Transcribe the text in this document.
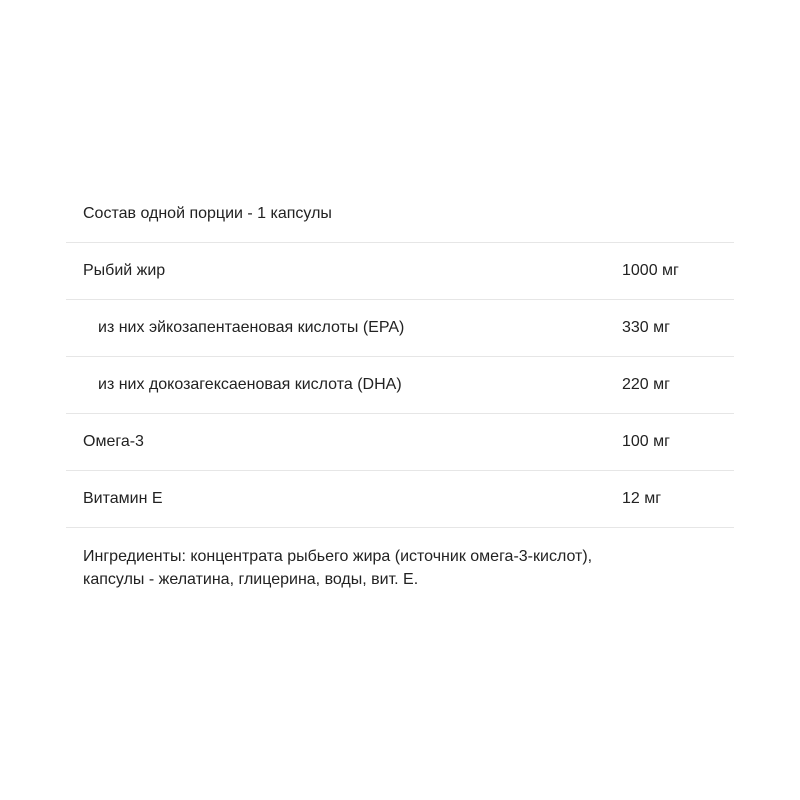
Состав одной порции - 1 капсулы
Рыбий жир	1000 мг
из них эйкозапентаеновая кислоты (EPA)	330 мг
из них докозагексаеновая кислота (DHA)	220 мг
Омега-3	100 мг
Витамин Е	12 мг
Ингредиенты: концентрата рыбьего жира (источник омега-3-кислот),
капсулы - желатина, глицерина, воды, вит. Е.
